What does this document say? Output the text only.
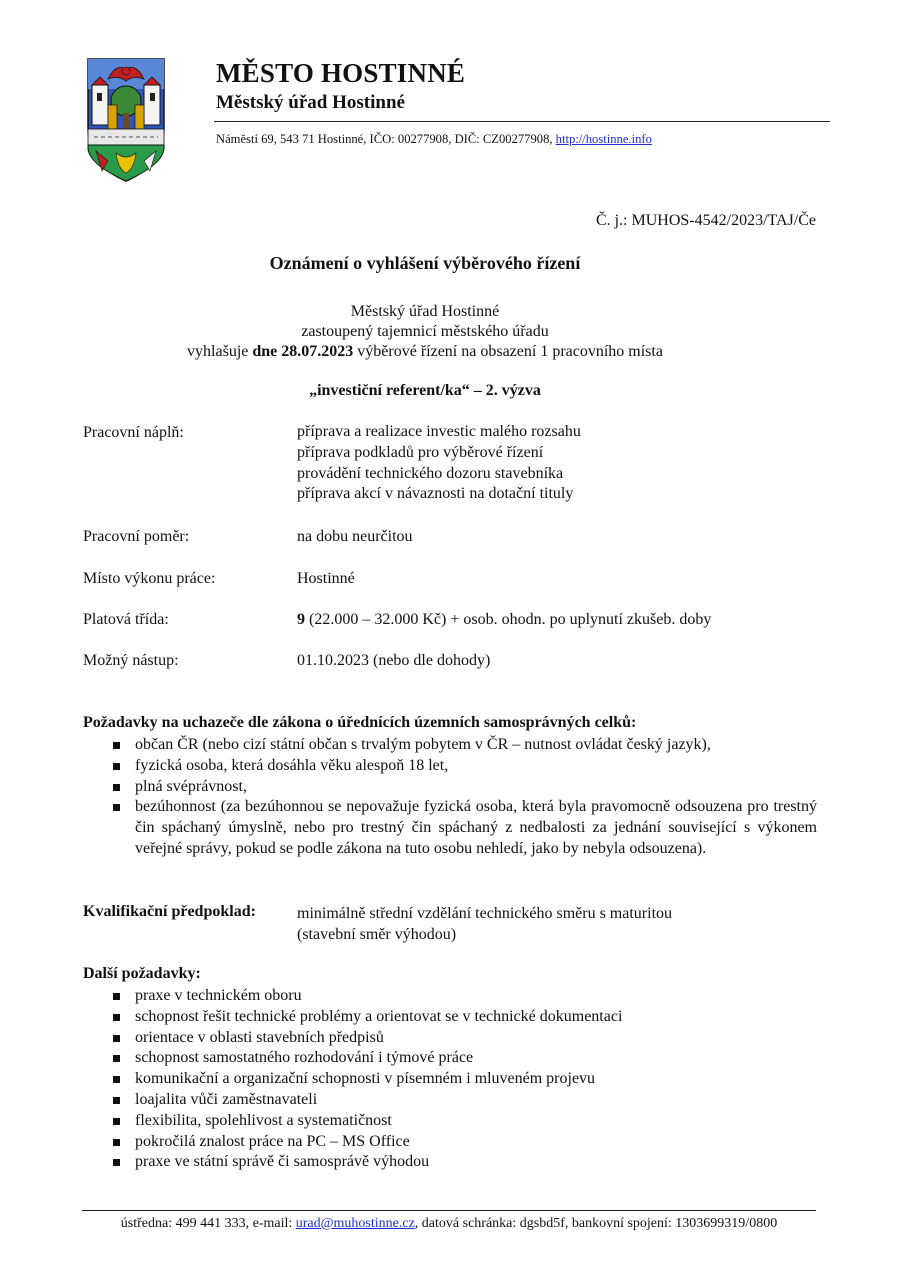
MĚSTO HOSTINNÉ
Městský úřad Hostinné
Náměstí 69, 543 71 Hostinné, IČO: 00277908, DIČ: CZ00277908, http://hostinne.info
Č. j.: MUHOS-4542/2023/TAJ/Če
Oznámení o vyhlášení výběrového řízení
Městský úřad Hostinné
zastoupený tajemnicí městského úřadu
vyhlašuje dne 28.07.2023 výběrové řízení na obsazení 1 pracovního místa
„investiční referent/ka“ – 2. výzva
Pracovní náplň:	příprava a realizace investic malého rozsahu
příprava podkladů pro výběrové řízení
provádění technického dozoru stavebníka
příprava akcí v návaznosti na dotační tituly
Pracovní poměr:	na dobu neurčitou
Místo výkonu práce:	Hostinné
Platová třída:	9 (22.000 – 32.000 Kč) + osob. ohodn. po uplynutí zkušeb. doby
Možný nástup:	01.10.2023 (nebo dle dohody)
Požadavky na uchazeče dle zákona o úřednících územních samosprávných celků:
občan ČR (nebo cizí státní občan s trvalým pobytem v ČR – nutnost ovládat český jazyk),
fyzická osoba, která dosáhla věku alespoň 18 let,
plná svéprávnost,
bezúhonnost (za bezúhonnou se nepovažuje fyzická osoba, která byla pravomocně odsouzena pro trestný čin spáchaný úmyslně, nebo pro trestný čin spáchaný z nedbalosti za jednání související s výkonem veřejné správy, pokud se podle zákona na tuto osobu nehledí, jako by nebyla odsouzena).
Kvalifikační předpoklad:	minimálně střední vzdělání technického směru s maturitou
(stavební směr výhodou)
Další požadavky:
praxe v technickém oboru
schopnost řešit technické problémy a orientovat se v technické dokumentaci
orientace v oblasti stavebních předpisů
schopnost samostatného rozhodování i týmové práce
komunikační a organizační schopnosti v písemném i mluveném projevu
loajalita vůči zaměstnavateli
flexibilita, spolehlivost a systematičnost
pokročilá znalost práce na PC – MS Office
praxe ve státní správě či samosprávě výhodou
ústředna: 499 441 333, e-mail: urad@muhostinne.cz, datová schránka: dgsbd5f, bankovní spojení: 1303699319/0800
